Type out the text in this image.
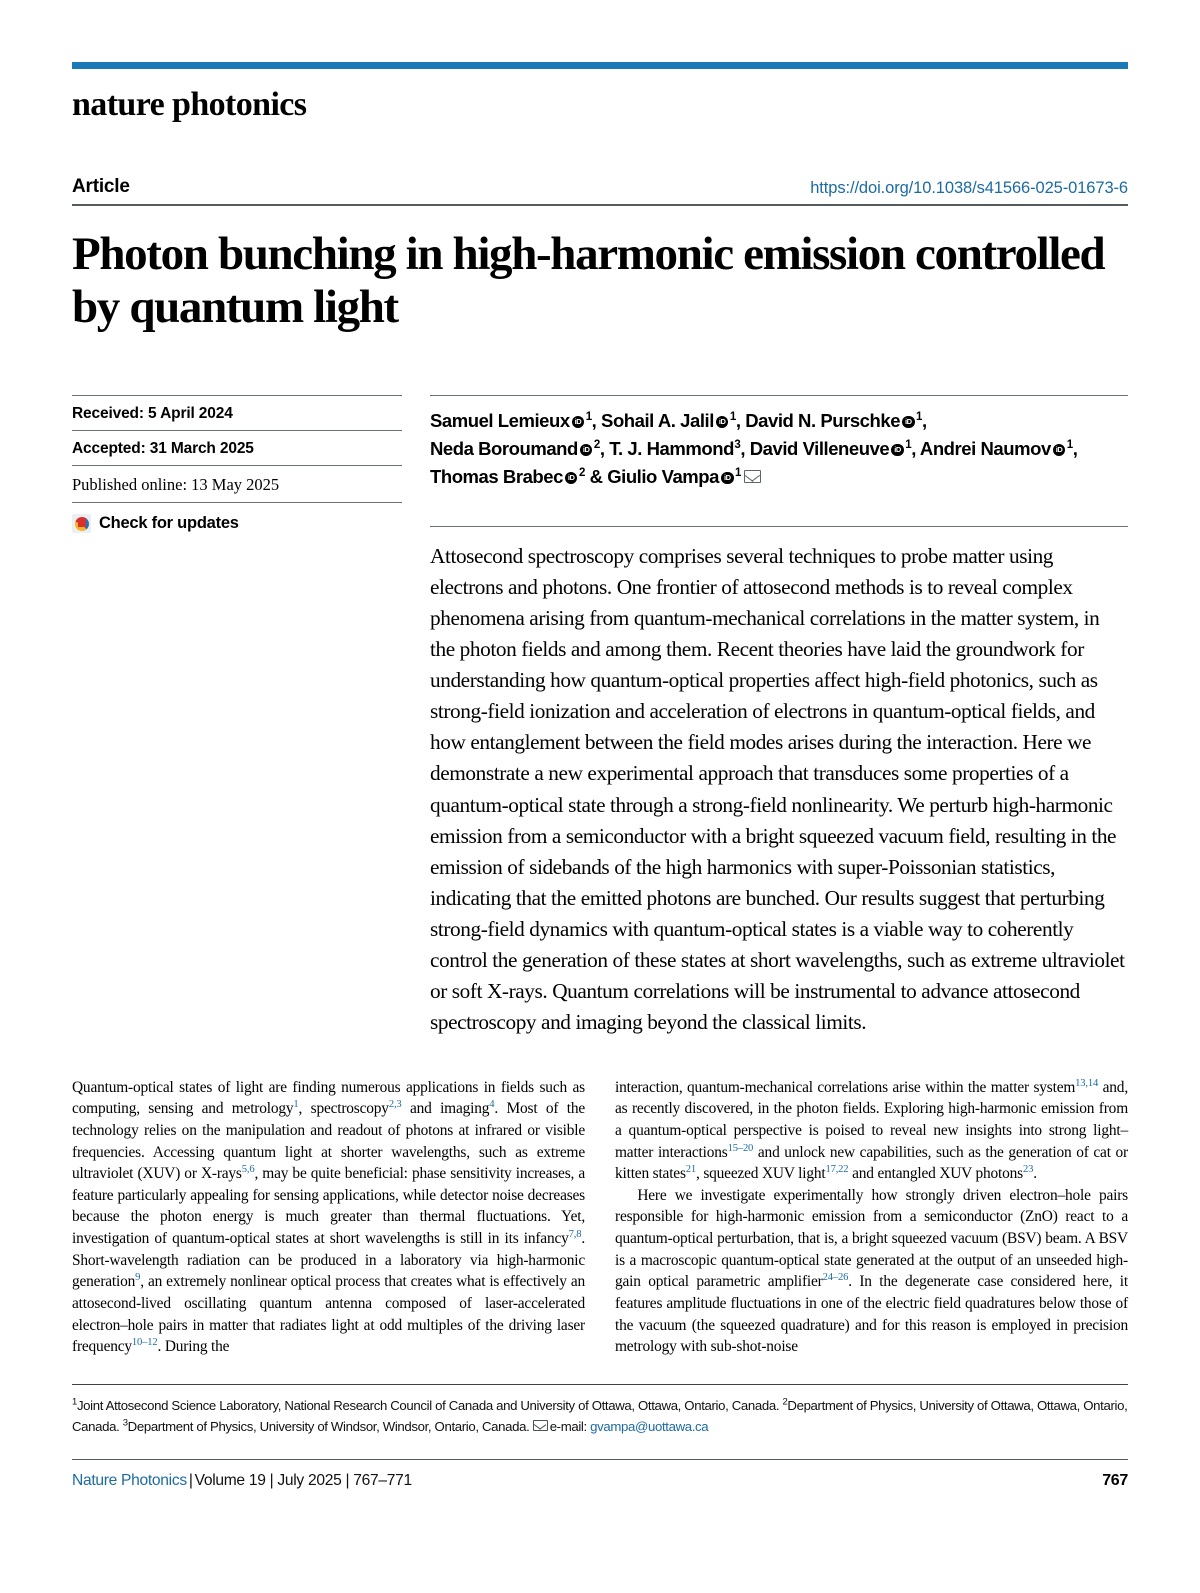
nature photonics
Article	https://doi.org/10.1038/s41566-025-01673-6
Photon bunching in high-harmonic emission controlled by quantum light
Received: 5 April 2024
Accepted: 31 March 2025
Published online: 13 May 2025
Check for updates
Samuel Lemieux iD $^1$, Sohail A. Jalil iD $^1$, David N. Purschke iD $^1$,
Neda Boroumand iD $^2$, T. J. Hammond$^3$, David Villeneuve iD $^1$, Andrei Naumov iD $^1$,
Thomas Brabec iD $^2$ & Giulio Vampa iD $^1$
Attosecond spectroscopy comprises several techniques to probe matter using electrons and photons. One frontier of attosecond methods is to reveal complex phenomena arising from quantum-mechanical correlations in the matter system, in the photon fields and among them. Recent theories have laid the groundwork for understanding how quantum-optical properties affect high-field photonics, such as strong-field ionization and acceleration of electrons in quantum-optical fields, and how entanglement between the field modes arises during the interaction. Here we demonstrate a new experimental approach that transduces some properties of a quantum-optical state through a strong-field nonlinearity. We perturb high-harmonic emission from a semiconductor with a bright squeezed vacuum field, resulting in the emission of sidebands of the high harmonics with super-Poissonian statistics, indicating that the emitted photons are bunched. Our results suggest that perturbing strong-field dynamics with quantum-optical states is a viable way to coherently control the generation of these states at short wavelengths, such as extreme ultraviolet or soft X-rays. Quantum correlations will be instrumental to advance attosecond spectroscopy and imaging beyond the classical limits.

Quantum-optical states of light are finding numerous applications in fields such as computing, sensing and metrology$^1$, spectroscopy$^{2,3}$ and imaging$^4$. Most of the technology relies on the manipulation and readout of photons at infrared or visible frequencies. Accessing quantum light at shorter wavelengths, such as extreme ultraviolet (XUV) or X-rays$^{5,6}$, may be quite beneficial: phase sensitivity increases, a feature particularly appealing for sensing applications, while detector noise decreases because the photon energy is much greater than thermal fluctuations. Yet, investigation of quantum-optical states at short wavelengths is still in its infancy$^{7,8}$. Short-wavelength radiation can be produced in a laboratory via high-harmonic generation$^9$, an extremely nonlinear optical process that creates what is effectively an attosecond-lived oscillating quantum antenna composed of laser-accelerated electron–hole pairs in matter that radiates light at odd multiples of the driving laser frequency$^{10-12}$. During the

interaction, quantum-mechanical correlations arise within the matter system$^{13,14}$ and, as recently discovered, in the photon fields. Exploring high-harmonic emission from a quantum-optical perspective is poised to reveal new insights into strong light–matter interactions$^{15-20}$ and unlock new capabilities, such as the generation of cat or kitten states$^{21}$, squeezed XUV light$^{17,22}$ and entangled XUV photons$^{23}$.

Here we investigate experimentally how strongly driven electron–hole pairs responsible for high-harmonic emission from a semiconductor (ZnO) react to a quantum-optical perturbation, that is, a bright squeezed vacuum (BSV) beam. A BSV is a macroscopic quantum-optical state generated at the output of an unseeded high-gain optical parametric amplifier$^{24-26}$. In the degenerate case considered here, it features amplitude fluctuations in one of the electric field quadratures below those of the vacuum (the squeezed quadrature) and for this reason is employed in precision metrology with sub-shot-noise

$^1$Joint Attosecond Science Laboratory, National Research Council of Canada and University of Ottawa, Ottawa, Ontario, Canada. $^2$Department of Physics, University of Ottawa, Ottawa, Ontario, Canada. $^3$Department of Physics, University of Windsor, Windsor, Ontario, Canada. e-mail: gvampa@uottawa.ca
Nature Photonics | Volume 19 | July 2025 | 767–771	767
